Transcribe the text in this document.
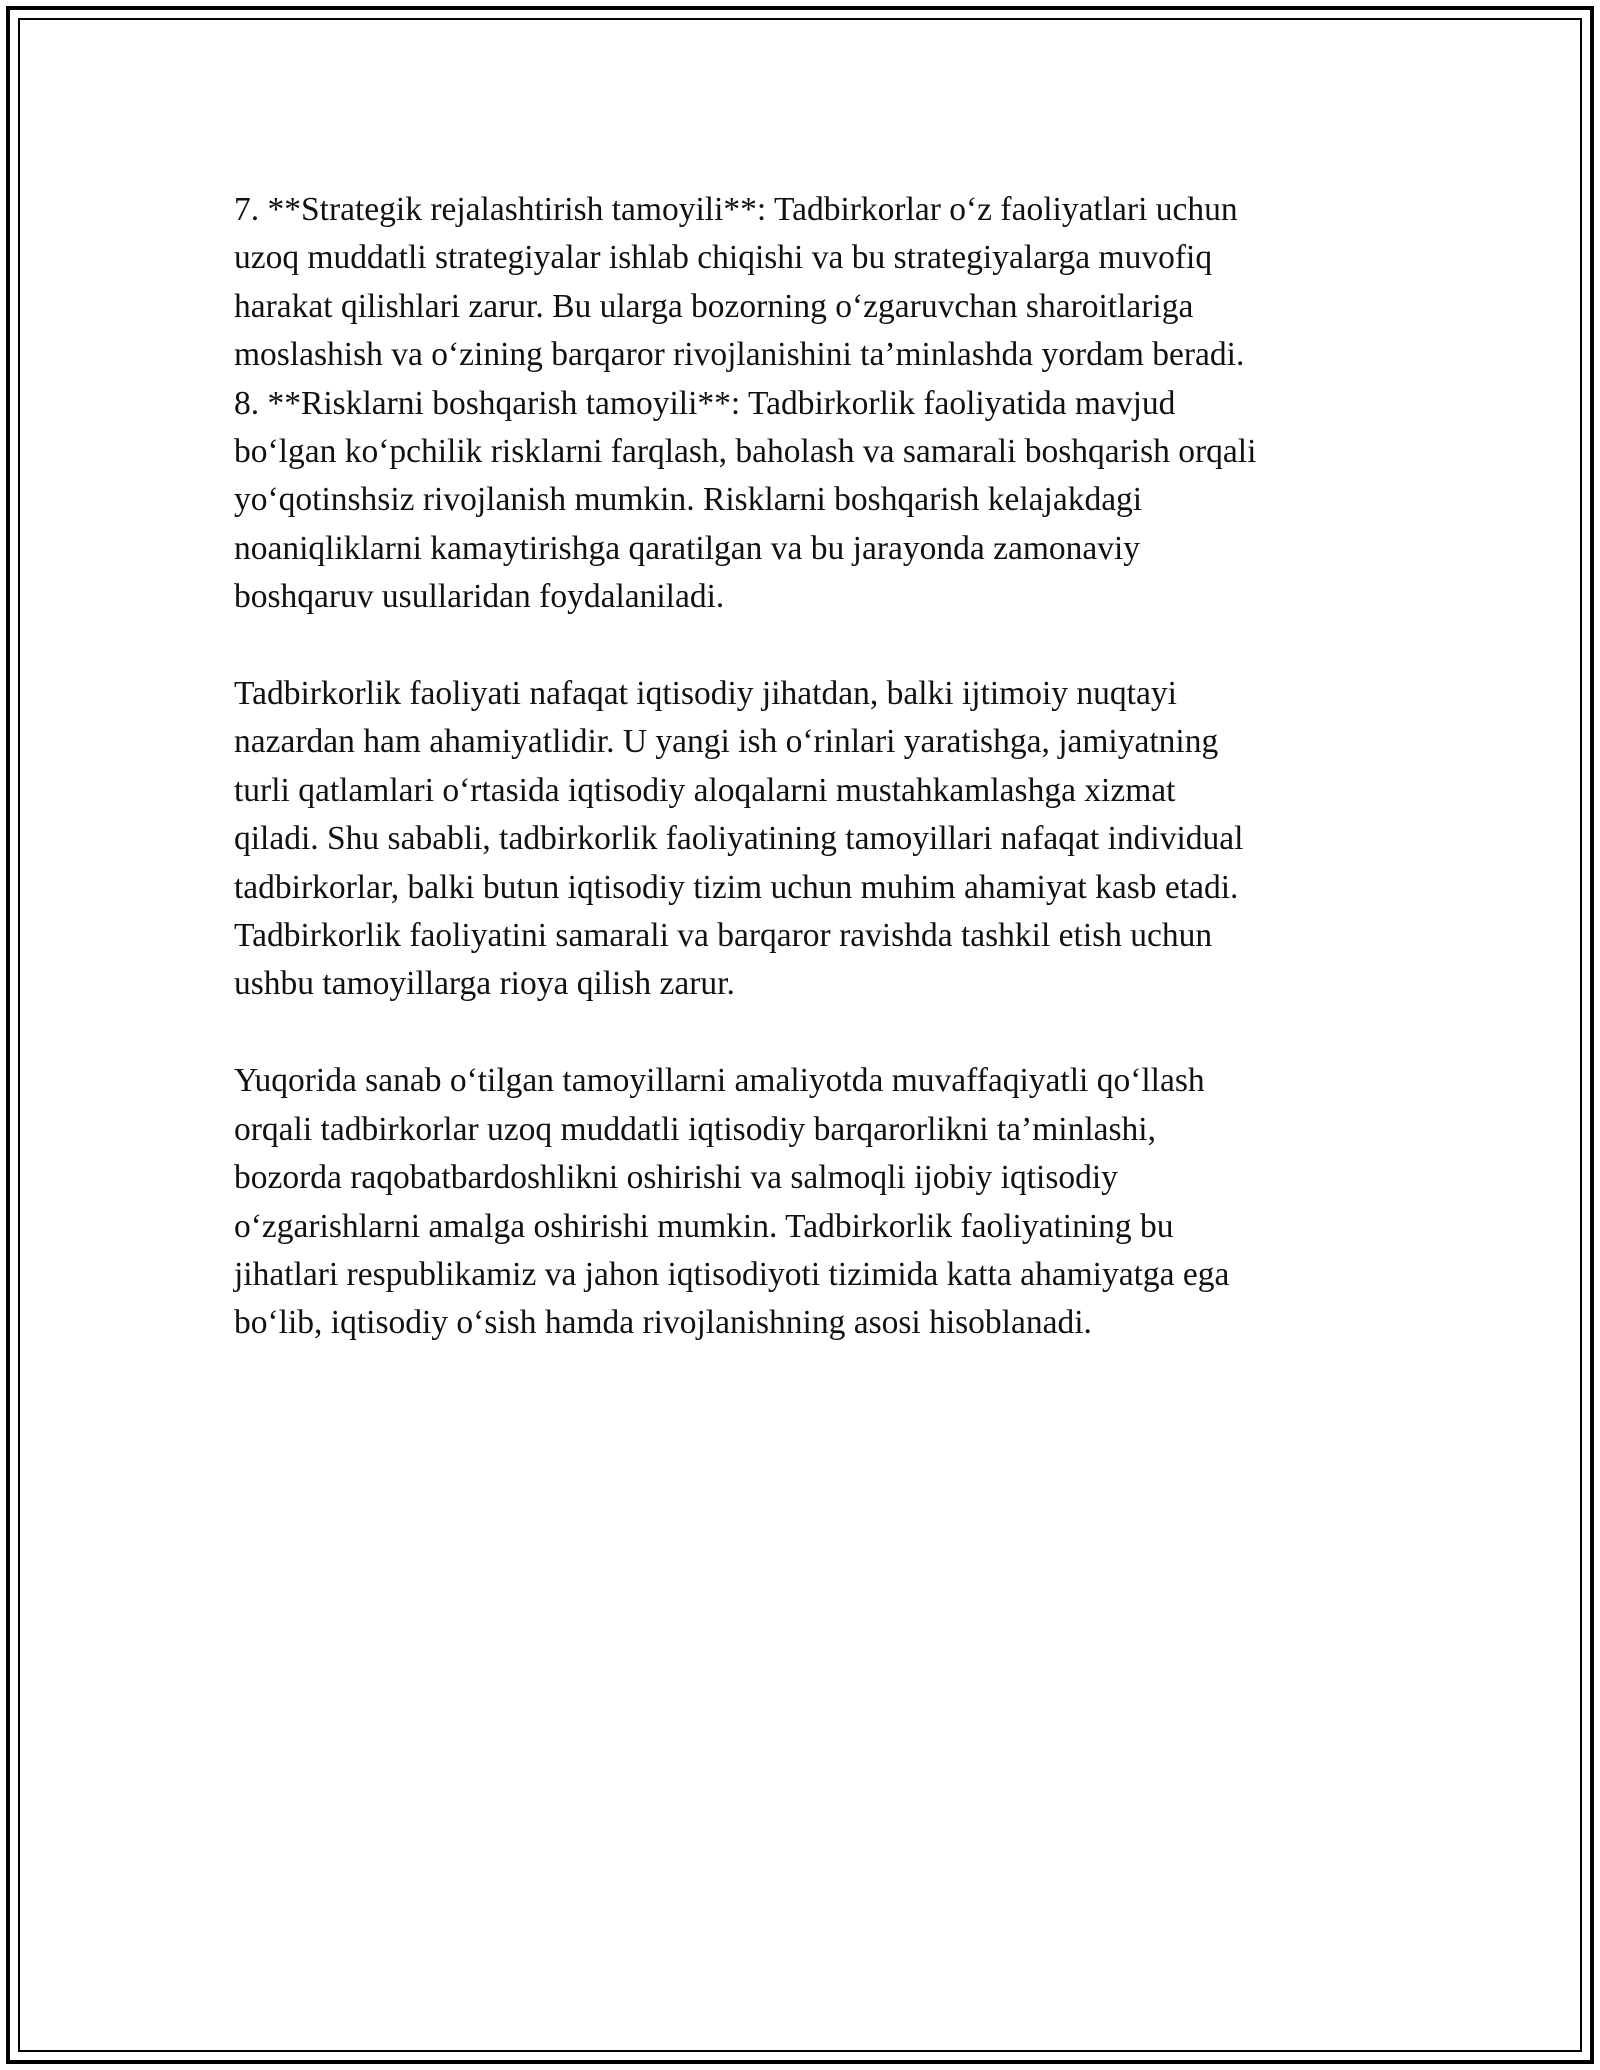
7. **Strategik rejalashtirish tamoyili**: Tadbirkorlar o‘z faoliyatlari uchun
uzoq muddatli strategiyalar ishlab chiqishi va bu strategiyalarga muvofiq
harakat qilishlari zarur. Bu ularga bozorning o‘zgaruvchan sharoitlariga
moslashish va o‘zining barqaror rivojlanishini ta’minlashda yordam beradi.
8. **Risklarni boshqarish tamoyili**: Tadbirkorlik faoliyatida mavjud
bo‘lgan ko‘pchilik risklarni farqlash, baholash va samarali boshqarish orqali
yo‘qotinshsiz rivojlanish mumkin. Risklarni boshqarish kelajakdagi
noaniqliklarni kamaytirishga qaratilgan va bu jarayonda zamonaviy
boshqaruv usullaridan foydalaniladi.
Tadbirkorlik faoliyati nafaqat iqtisodiy jihatdan, balki ijtimoiy nuqtayi
nazardan ham ahamiyatlidir. U yangi ish o‘rinlari yaratishga, jamiyatning
turli qatlamlari o‘rtasida iqtisodiy aloqalarni mustahkamlashga xizmat
qiladi. Shu sababli, tadbirkorlik faoliyatining tamoyillari nafaqat individual
tadbirkorlar, balki butun iqtisodiy tizim uchun muhim ahamiyat kasb etadi.
Tadbirkorlik faoliyatini samarali va barqaror ravishda tashkil etish uchun
ushbu tamoyillarga rioya qilish zarur.
Yuqorida sanab o‘tilgan tamoyillarni amaliyotda muvaffaqiyatli qo‘llash
orqali tadbirkorlar uzoq muddatli iqtisodiy barqarorlikni ta’minlashi,
bozorda raqobatbardoshlikni oshirishi va salmoqli ijobiy iqtisodiy
o‘zgarishlarni amalga oshirishi mumkin. Tadbirkorlik faoliyatining bu
jihatlari respublikamiz va jahon iqtisodiyoti tizimida katta ahamiyatga ega
bo‘lib, iqtisodiy o‘sish hamda rivojlanishning asosi hisoblanadi.
